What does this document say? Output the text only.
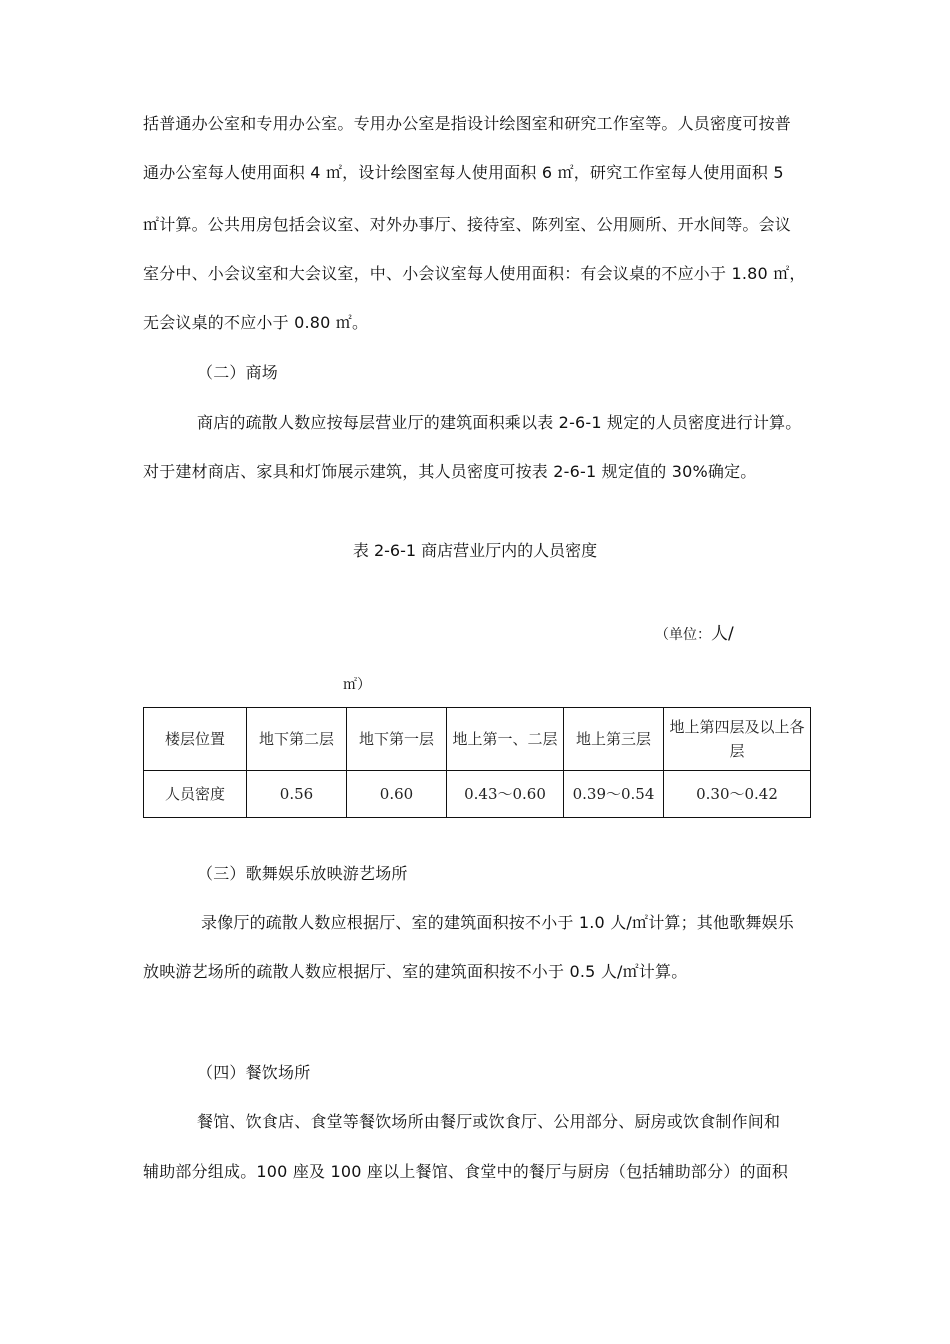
括普通办公室和专用办公室。专用办公室是指设计绘图室和研究工作室等。人员密度可按普
通办公室每人使用面积 4 ㎡，设计绘图室每人使用面积 6 ㎡，研究工作室每人使用面积 5
㎡计算。公共用房包括会议室、对外办事厅、接待室、陈列室、公用厕所、开水间等。会议
室分中、小会议室和大会议室，中、小会议室每人使用面积：有会议桌的不应小于 1.80 ㎡，
无会议桌的不应小于 0.80 ㎡。
（二）商场
商店的疏散人数应按每层营业厅的建筑面积乘以表 2-6-1 规定的人员密度进行计算。
对于建材商店、家具和灯饰展示建筑，其人员密度可按表 2-6-1 规定值的 30%确定。
表 2-6-1 商店营业厅内的人员密度
（单位：人/
㎡）
楼层位置	地下第二层	地下第一层	地上第一、二层	地上第三层	地上第四层及以上各层
人员密度	0.56	0.60	0.43～0.60	0.39～0.54	0.30～0.42
（三）歌舞娱乐放映游艺场所
录像厅的疏散人数应根据厅、室的建筑面积按不小于 1.0 人/㎡计算；其他歌舞娱乐
放映游艺场所的疏散人数应根据厅、室的建筑面积按不小于 0.5 人/㎡计算。
（四）餐饮场所
餐馆、饮食店、食堂等餐饮场所由餐厅或饮食厅、公用部分、厨房或饮食制作间和
辅助部分组成。100 座及 100 座以上餐馆、食堂中的餐厅与厨房（包括辅助部分）的面积
